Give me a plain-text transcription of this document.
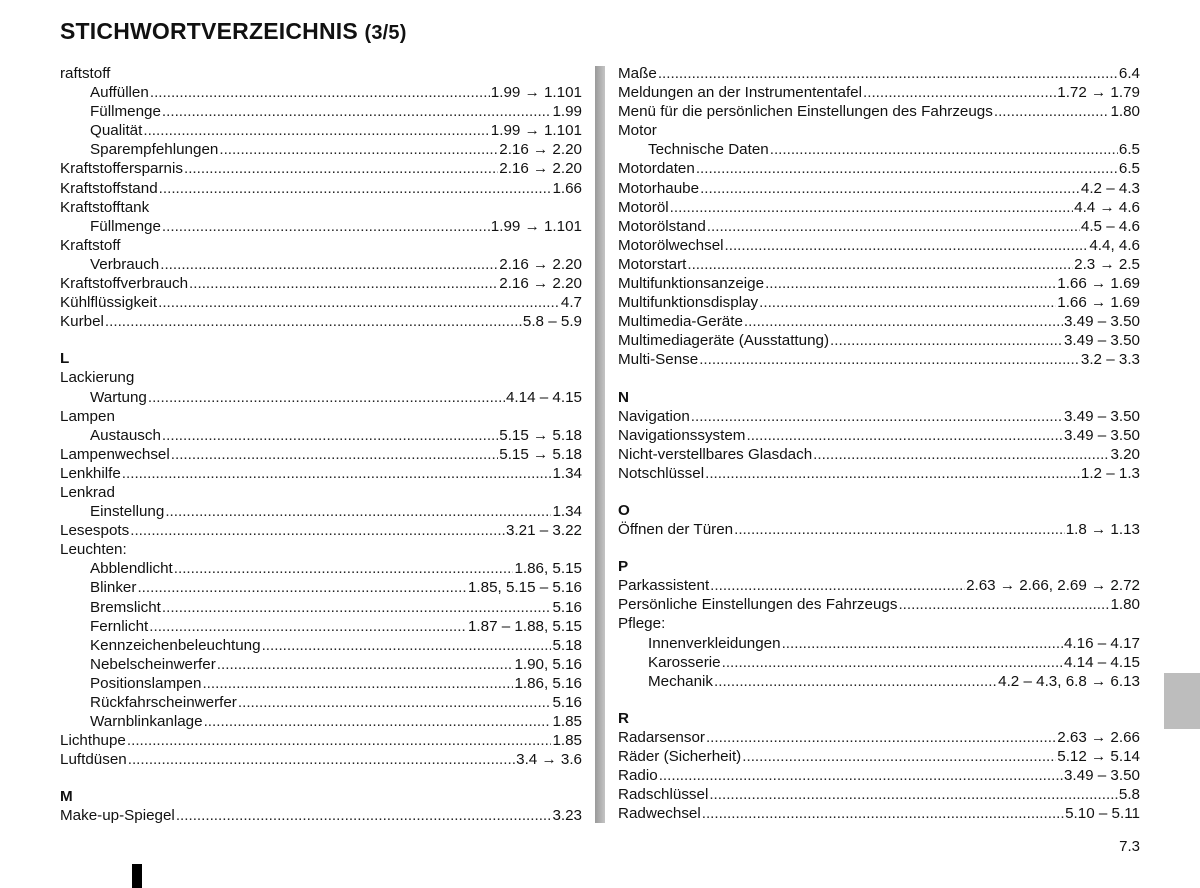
STICHWORTVERZEICHNIS (3/5)
raftstoff
Auffüllen .....	1.99 → 1.101
Füllmenge .....	1.99
Qualität .....	1.99 → 1.101
Sparempfehlungen .....	2.16 → 2.20
Kraftstoffersparnis .....	2.16 → 2.20
Kraftstoffstand .....	1.66
Kraftstofftank
Füllmenge .....	1.99 → 1.101
Kraftstoff
Verbrauch .....	2.16 → 2.20
Kraftstoffverbrauch .....	2.16 → 2.20
Kühlflüssigkeit .....	4.7
Kurbel .....	5.8 – 5.9
L
Lackierung
Wartung .....	4.14 – 4.15
Lampen
Austausch .....	5.15 → 5.18
Lampenwechsel .....	5.15 → 5.18
Lenkhilfe .....	1.34
Lenkrad
Einstellung .....	1.34
Lesespots .....	3.21 – 3.22
Leuchten:
Abblendlicht .....	1.86, 5.15
Blinker .....	1.85, 5.15 – 5.16
Bremslicht .....	5.16
Fernlicht .....	1.87 – 1.88, 5.15
Kennzeichenbeleuchtung .....	5.18
Nebelscheinwerfer .....	1.90, 5.16
Positionslampen .....	1.86, 5.16
Rückfahrscheinwerfer .....	5.16
Warnblinkanlage .....	1.85
Lichthupe .....	1.85
Luftdüsen .....	3.4 → 3.6
M
Make-up-Spiegel .....	3.23
Maße .....	6.4
Meldungen an der Instrumententafel .....	1.72 → 1.79
Menü für die persönlichen Einstellungen des Fahrzeugs .....	1.80
Motor
Technische Daten .....	6.5
Motordaten .....	6.5
Motorhaube .....	4.2 – 4.3
Motoröl .....	4.4 → 4.6
Motorölstand .....	4.5 – 4.6
Motorölwechsel .....	4.4, 4.6
Motorstart .....	2.3 → 2.5
Multifunktionsanzeige .....	1.66 → 1.69
Multifunktionsdisplay .....	1.66 → 1.69
Multimedia-Geräte .....	3.49 – 3.50
Multimediageräte (Ausstattung) .....	3.49 – 3.50
Multi-Sense .....	3.2 – 3.3
N
Navigation .....	3.49 – 3.50
Navigationssystem .....	3.49 – 3.50
Nicht-verstellbares Glasdach .....	3.20
Notschlüssel .....	1.2 – 1.3
O
Öffnen der Türen .....	1.8 → 1.13
P
Parkassistent .....	2.63 → 2.66, 2.69 → 2.72
Persönliche Einstellungen des Fahrzeugs .....	1.80
Pflege:
Innenverkleidungen .....	4.16 – 4.17
Karosserie .....	4.14 – 4.15
Mechanik .....	4.2 – 4.3, 6.8 → 6.13
R
Radarsensor .....	2.63 → 2.66
Räder (Sicherheit) .....	5.12 → 5.14
Radio .....	3.49 – 3.50
Radschlüssel .....	5.8
Radwechsel .....	5.10 – 5.11
7.3
